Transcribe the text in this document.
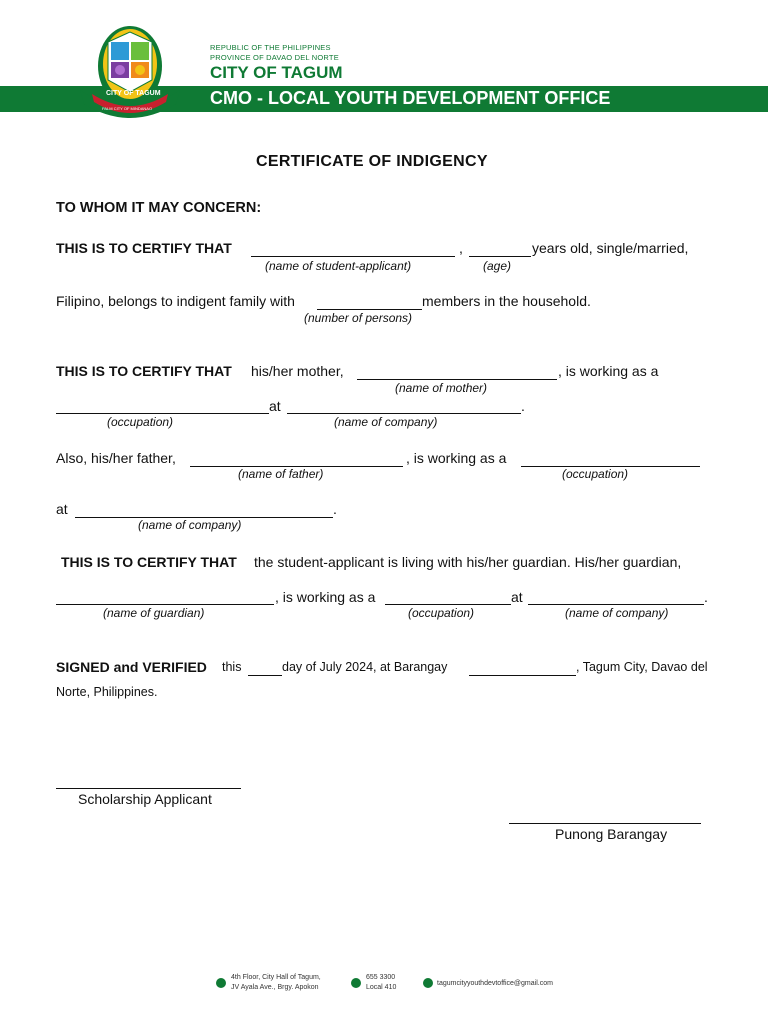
CITY OF TAGUM
PALM CITY OF MINDANAO
REPUBLIC OF THE PHILIPPINES
PROVINCE OF DAVAO DEL NORTE
CITY OF TAGUM
CMO - LOCAL YOUTH DEVELOPMENT OFFICE
CERTIFICATE OF INDIGENCY
TO WHOM IT MAY CONCERN:
THIS IS TO CERTIFY THAT	,	years old, single/married,
(name of student-applicant)	(age)
Filipino, belongs to indigent family with	members in the household.
(number of persons)
THIS IS TO CERTIFY THAT his/her mother,	, is working as a
(name of mother)
at	.
(occupation)	(name of company)
Also, his/her father,	, is working as a
(name of father)	(occupation)
at	.
(name of company)
THIS IS TO CERTIFY THAT the student-applicant is living with his/her guardian. His/her guardian,
, is working as a	at	.
(name of guardian)	(occupation)	(name of company)
SIGNED and VERIFIED this	day of July 2024, at Barangay	, Tagum City, Davao del
Norte, Philippines.
Scholarship Applicant
Punong Barangay
4th Floor, City Hall of Tagum,
JV Ayala Ave., Brgy. Apokon
655 3300
Local 410
tagumcityyouthdevtoffice@gmail.com
